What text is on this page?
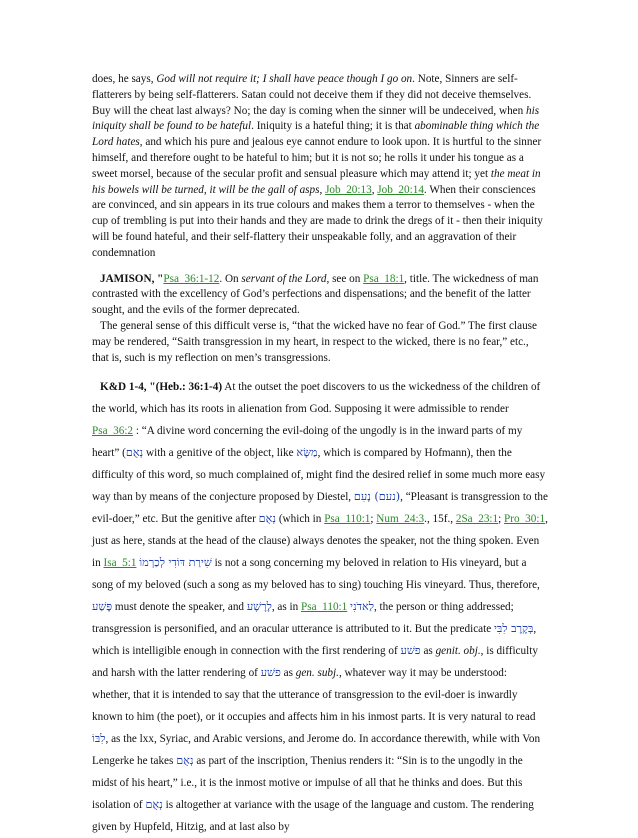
does, he says, God will not require it; I shall have peace though I go on. Note, Sinners are self-flatterers by being self-flatterers. Satan could not deceive them if they did not deceive themselves. Buy will the cheat last always? No; the day is coming when the sinner will be undeceived, when his iniquity shall be found to be hateful. Iniquity is a hateful thing; it is that abominable thing which the Lord hates, and which his pure and jealous eye cannot endure to look upon. It is hurtful to the sinner himself, and therefore ought to be hateful to him; but it is not so; he rolls it under his tongue as a sweet morsel, because of the secular profit and sensual pleasure which may attend it; yet the meat in his bowels will be turned, it will be the gall of asps, Job_20:13, Job_20:14. When their consciences are convinced, and sin appears in its true colours and makes them a terror to themselves - when the cup of trembling is put into their hands and they are made to drink the dregs of it - then their iniquity will be found hateful, and their self-flattery their unspeakable folly, and an aggravation of their condemnation

JAMISON, "Psa_36:1-12. On servant of the Lord, see on Psa_18:1, title. The wickedness of man contrasted with the excellency of God’s perfections and dispensations; and the benefit of the latter sought, and the evils of the former deprecated.

The general sense of this difficult verse is, “that the wicked have no fear of God.” The first clause may be rendered, “Saith transgression in my heart, in respect to the wicked, there is no fear,” etc., that is, such is my reflection on men’s transgressions.

K&D 1-4, "(Heb.: 36:1-4) At the outset the poet discovers to us the wickedness of the children of the world, which has its roots in alienation from God. Supposing it were admissible to render Psa_36:2 : “A divine word concerning the evil-doing of the ungodly is in the inward parts of my heart” (נְאֻם with a genitive of the object, like מַשָּׂא, which is compared by Hofmann), then the difficulty of this word, so much complained of, might find the desired relief in some much more easy way than by means of the conjecture proposed by Diestel, (נעם) נָעִם, “Pleasant is transgression to the evil-doer,” etc. But the genitive after נְאֻם (which in Psa_110:1; Num_24:3., 15f., 2Sa_23:1; Pro_30:1, just as here, stands at the head of the clause) always denotes the speaker, not the thing spoken. Even in Isa_5:1 שִׁירַת דּוֹדִי לְכַרְמוֹ is not a song concerning my beloved in relation to His vineyard, but a song of my beloved (such a song as my beloved has to sing) touching His vineyard. Thus, therefore, פֶּשַׁע must denote the speaker, and לָרָשָׁע, as in Psa_110:1 לַאדֹנִי, the person or thing addressed; transgression is personified, and an oracular utterance is attributed to it. But the predicate בְּקֶרֶב לִבִּי, which is intelligible enough in connection with the first rendering of פשׁע as genit. obj., is difficulty and harsh with the latter rendering of פשׁע as gen. subj., whatever way it may be understood: whether, that it is intended to say that the utterance of transgression to the evil-doer is inwardly known to him (the poet), or it occupies and affects him in his inmost parts. It is very natural to read לִבּוֹ, as the lxx, Syriac, and Arabic versions, and Jerome do. In accordance therewith, while with Von Lengerke he takes נְאֻם as part of the inscription, Thenius renders it: “Sin is to the ungodly in the midst of his heart,” i.e., it is the inmost motive or impulse of all that he thinks and does. But this isolation of נְאֻם is altogether at variance with the usage of the language and custom. The rendering given by Hupfeld, Hitzig, and at last also by
